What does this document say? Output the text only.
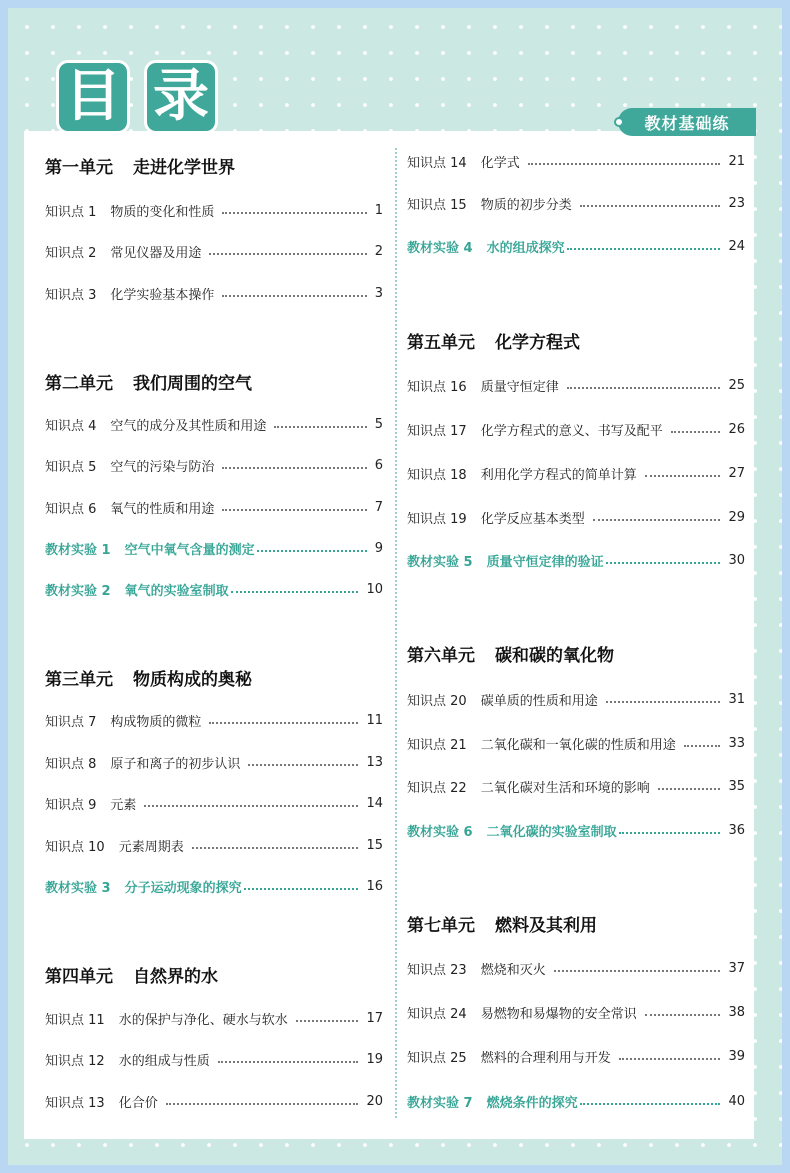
目 录	教材基础练
第一单元 走进化学世界
知识点 1 物质的变化和性质	1
知识点 2 常见仪器及用途	2
知识点 3 化学实验基本操作	3
第二单元 我们周围的空气
知识点 4 空气的成分及其性质和用途	5
知识点 5 空气的污染与防治	6
知识点 6 氧气的性质和用途	7
教材实验 1 空气中氧气含量的测定	9
教材实验 2 氧气的实验室制取	10
第三单元 物质构成的奥秘
知识点 7 构成物质的微粒	11
知识点 8 原子和离子的初步认识	13
知识点 9 元素	14
知识点 10 元素周期表	15
教材实验 3 分子运动现象的探究	16
第四单元 自然界的水
知识点 11 水的保护与净化、硬水与软水	17
知识点 12 水的组成与性质	19
知识点 13 化合价	20
知识点 14 化学式	21
知识点 15 物质的初步分类	23
教材实验 4 水的组成探究	24
第五单元 化学方程式
知识点 16 质量守恒定律	25
知识点 17 化学方程式的意义、书写及配平	26
知识点 18 利用化学方程式的简单计算	27
知识点 19 化学反应基本类型	29
教材实验 5 质量守恒定律的验证	30
第六单元 碳和碳的氧化物
知识点 20 碳单质的性质和用途	31
知识点 21 二氧化碳和一氧化碳的性质和用途	33
知识点 22 二氧化碳对生活和环境的影响	35
教材实验 6 二氧化碳的实验室制取	36
第七单元 燃料及其利用
知识点 23 燃烧和灭火	37
知识点 24 易燃物和易爆物的安全常识	38
知识点 25 燃料的合理利用与开发	39
教材实验 7 燃烧条件的探究	40
